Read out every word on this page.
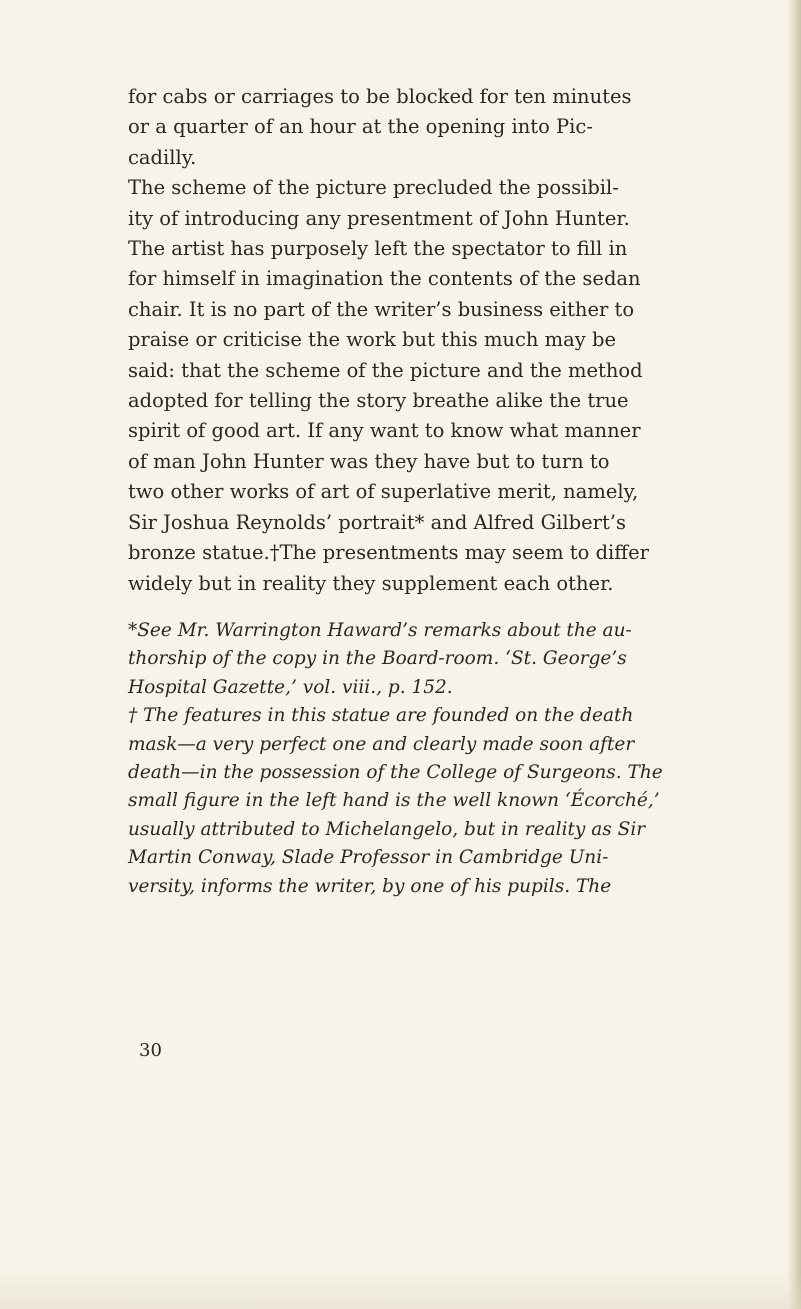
for cabs or carriages to be blocked for ten minutes
or a quarter of an hour at the opening into Pic-
cadilly.
The scheme of the picture precluded the possibil-
ity of introducing any presentment of John Hunter.
The artist has purposely left the spectator to fill in
for himself in imagination the contents of the sedan
chair. It is no part of the writer’s business either to
praise or criticise the work but this much may be
said: that the scheme of the picture and the method
adopted for telling the story breathe alike the true
spirit of good art. If any want to know what manner
of man John Hunter was they have but to turn to
two other works of art of superlative merit, namely,
Sir Joshua Reynolds’ portrait* and Alfred Gilbert’s
bronze statue.†The presentments may seem to differ
widely but in reality they supplement each other.
*See Mr. Warrington Haward’s remarks about the au-
thorship of the copy in the Board-room. ‘St. George’s
Hospital Gazette,’ vol. viii., p. 152.
† The features in this statue are founded on the death
mask—a very perfect one and clearly made soon after
death—in the possession of the College of Surgeons. The
small figure in the left hand is the well known ‘Écorché,’
usually attributed to Michelangelo, but in reality as Sir
Martin Conway, Slade Professor in Cambridge Uni-
versity, informs the writer, by one of his pupils. The
30
